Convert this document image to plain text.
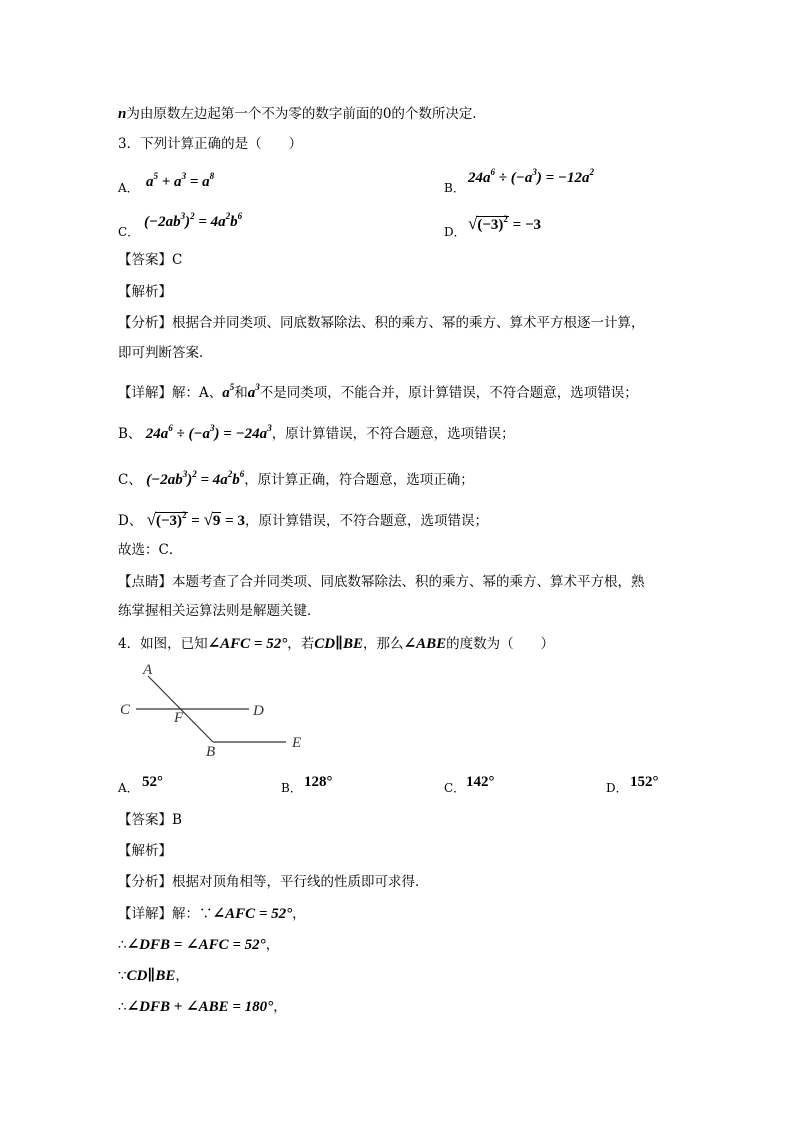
n为由原数左边起第一个不为零的数字前面的0的个数所决定．
3．下列计算正确的是（　　）
A． $a^5 + a^3 = a^8$
B．
$24a^6 \div (-a^3) = -12a^2$
C．
$(-2ab^3)^2 = 4a^2b^6$
D． $√(-3)^2 = -3$
【答案】C
【解析】
【分析】根据合并同类项、同底数幂除法、积的乘方、幂的乘方、算术平方根逐一计算，
即可判断答案．
【详解】解：A、$a^5$和$a^3$不是同类项，不能合并，原计算错误，不符合题意，选项错误；
B、 $24a^6 \div (-a^3) = -24a^3$，原计算错误，不符合题意，选项错误；
C、 $(-2ab^3)^2 = 4a^2b^6$，原计算正确，符合题意，选项正确；
D、 $√(-3)^2 = √9 = 3$，原计算错误，不符合题意，选项错误；
故选：C．
【点睛】本题考查了合并同类项、同底数幂除法、积的乘方、幂的乘方、算术平方根，熟
练掌握相关运算法则是解题关键．
4．如图，已知∠AFC = 52°，若CD∥BE，那么∠ABE的度数为（　　）
A
C	F	D
B
E
A． 52°	B． 128°	C． 142°	D． 152°
【答案】B
【解析】
【分析】根据对顶角相等，平行线的性质即可求得．
【详解】解：∵∠AFC = 52°，
∴∠DFB = ∠AFC = 52°，
∵CD∥BE，
∴∠DFB + ∠ABE = 180°，
